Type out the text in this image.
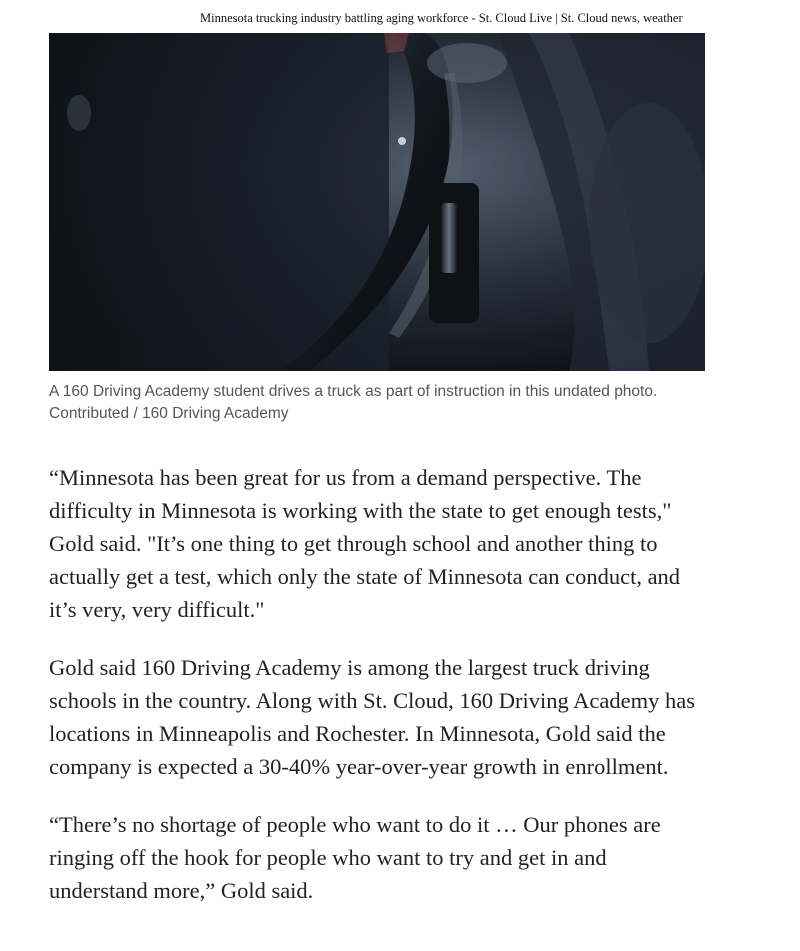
Minnesota trucking industry battling aging workforce - St. Cloud Live | St. Cloud news, weather
A 160 Driving Academy student drives a truck as part of instruction in this undated photo. Contributed / 160 Driving Academy

“Minnesota has been great for us from a demand perspective. The difficulty in Minnesota is working with the state to get enough tests," Gold said. "It’s one thing to get through school and another thing to actually get a test, which only the state of Minnesota can conduct, and it’s very, very difficult."

Gold said 160 Driving Academy is among the largest truck driving schools in the country. Along with St. Cloud, 160 Driving Academy has locations in Minneapolis and Rochester. In Minnesota, Gold said the company is expected a 30-40% year-over-year growth in enrollment.

“There’s no shortage of people who want to do it … Our phones are ringing off the hook for people who want to try and get in and understand more,” Gold said.
